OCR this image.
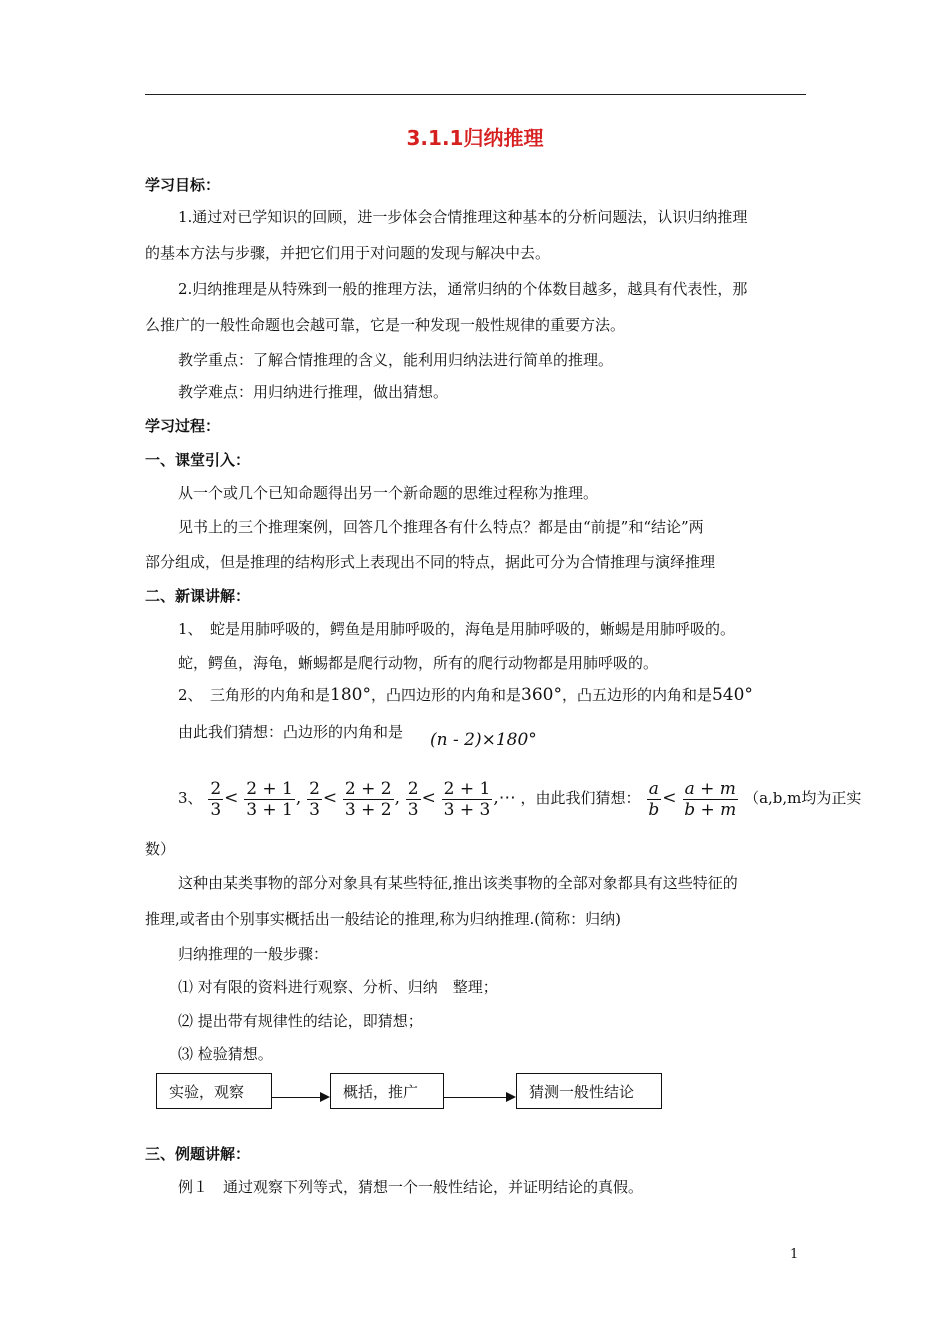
3.1.1归纳推理
学习目标：
1.通过对已学知识的回顾，进一步体会合情推理这种基本的分析问题法，认识归纳推理
的基本方法与步骤，并把它们用于对问题的发现与解决中去。
2.归纳推理是从特殊到一般的推理方法，通常归纳的个体数目越多，越具有代表性，那
么推广的一般性命题也会越可靠，它是一种发现一般性规律的重要方法。
教学重点：了解合情推理的含义，能利用归纳法进行简单的推理。
教学难点：用归纳进行推理，做出猜想。
学习过程：
一、课堂引入：
从一个或几个已知命题得出另一个新命题的思维过程称为推理。
见书上的三个推理案例，回答几个推理各有什么特点？都是由“前提”和“结论”两
部分组成，但是推理的结构形式上表现出不同的特点，据此可分为合情推理与演绎推理
二、新课讲解：
1、　蛇是用肺呼吸的，鳄鱼是用肺呼吸的，海龟是用肺呼吸的，蜥蜴是用肺呼吸的。
蛇，鳄鱼，海龟，蜥蜴都是爬行动物，所有的爬行动物都是用肺呼吸的。
2、　三角形的内角和是180°，凸四边形的内角和是360°，凸五边形的内角和是540°
由此我们猜想：凸边形的内角和是 (n - 2)×180°
3、 $\frac{2}{3} < \frac{2 + 1}{3 + 1}$ , $\frac{2}{3} < \frac{2 + 2}{3 + 2}$ , $\frac{2}{3} < \frac{2 + 1}{3 + 3}$ ,⋯ ，由此我们猜想： $\frac{a}{b} < \frac{a + m}{b + m} (a,b,m$均为正实
数）
这种由某类事物的部分对象具有某些特征,推出该类事物的全部对象都具有这些特征的
推理,或者由个别事实概括出一般结论的推理,称为归纳推理.(简称：归纳)
归纳推理的一般步骤：
⑴ 对有限的资料进行观察、分析、归纳　整理；
⑵ 提出带有规律性的结论，即猜想；
⑶ 检验猜想。
实验，观察	概括，推广	猜测一般性结论
三、例题讲解：
例１　通过观察下列等式，猜想一个一般性结论，并证明结论的真假。
1
